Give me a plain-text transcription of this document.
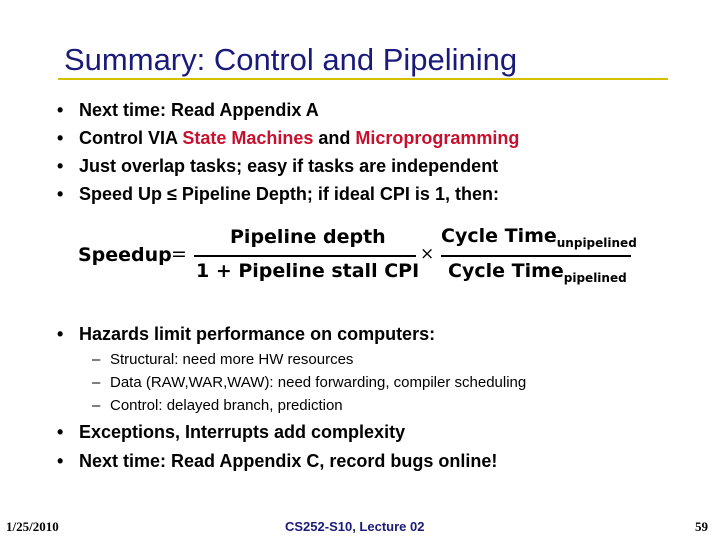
Summary: Control and Pipelining
• Next time: Read Appendix A
• Control VIA State Machines and Microprogramming
• Just overlap tasks; easy if tasks are independent
• Speed Up ≤ Pipeline Depth; if ideal CPI is 1, then:
Speedup =
Pipeline depth
1 + Pipeline stall CPI
×
Cycle Time$_{unpipelined}$
Cycle Time$_{pipelined}$
• Hazards limit performance on computers:
– Structural: need more HW resources
– Data (RAW,WAR,WAW): need forwarding, compiler scheduling
– Control: delayed branch, prediction
• Exceptions, Interrupts add complexity
• Next time: Read Appendix C, record bugs online!
1/25/2010	CS252-S10, Lecture 02	59
